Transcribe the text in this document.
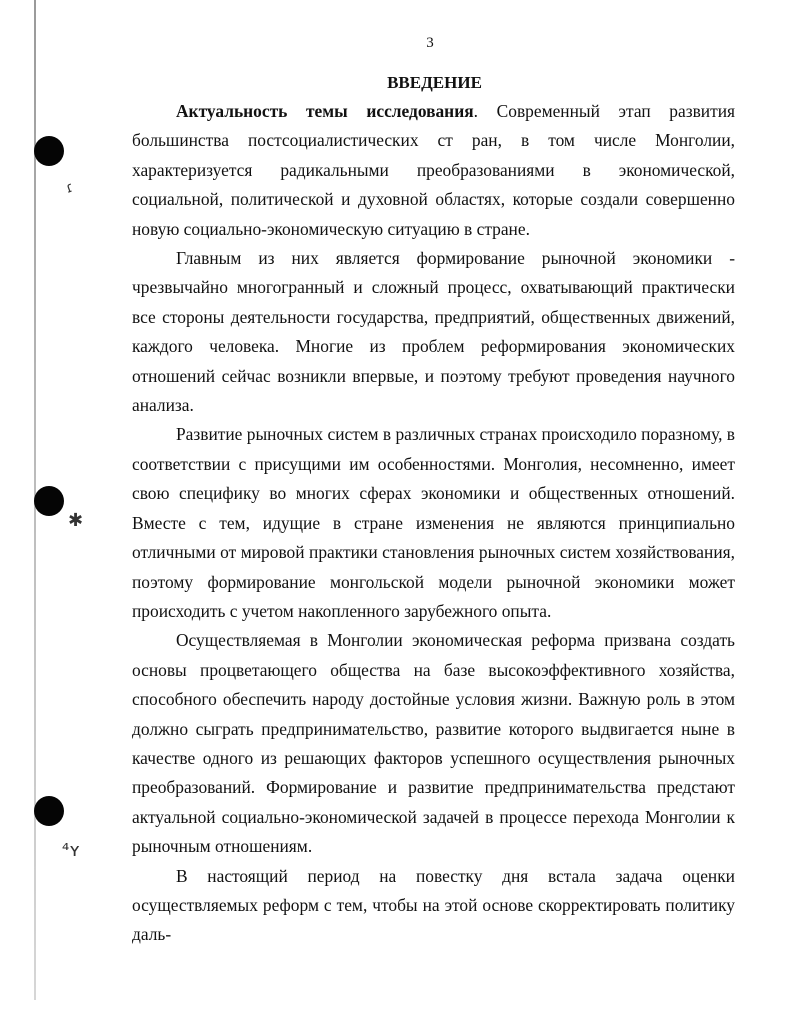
ɾ
✱
⁴ʏ
3
ВВЕДЕНИЕ

Актуальность темы исследования. Современный этап развития большинства постсоциалистических ст ран, в том числе Монголии, характеризуется радикальными преобразованиями в экономической, социальной, политической и духовной областях, которые создали совершенно новую социально-экономическую ситуацию в стране.

Главным из них является формирование рыночной экономики - чрезвычайно многогранный и сложный процесс, охватывающий практически все стороны деятельности государства, предприятий, общественных движений, каждого человека. Многие из проблем реформирования экономических отношений сейчас возникли впервые, и поэтому требуют проведения научного анализа.

Развитие рыночных систем в различных странах происходило поразному, в соответствии с присущими им особенностями. Монголия, несомненно, имеет свою специфику во многих сферах экономики и общественных отношений. Вместе с тем, идущие в стране изменения не являются принципиально отличными от мировой практики становления рыночных систем хозяйствования, поэтому формирование монгольской модели рыночной экономики может происходить с учетом накопленного зарубежного опыта.

Осуществляемая в Монголии экономическая реформа призвана создать основы процветающего общества на базе высокоэффективного хозяйства, способного обеспечить народу достойные условия жизни. Важную роль в этом должно сыграть предпринимательство, развитие которого выдвигается ныне в качестве одного из решающих факторов успешного осуществления рыночных преобразований. Формирование и развитие предпринимательства предстают актуальной социально-экономической задачей в процессе перехода Монголии к рыночным отношениям.

В настоящий период на повестку дня встала задача оценки осуществляемых реформ с тем, чтобы на этой основе скорректировать политику даль-
